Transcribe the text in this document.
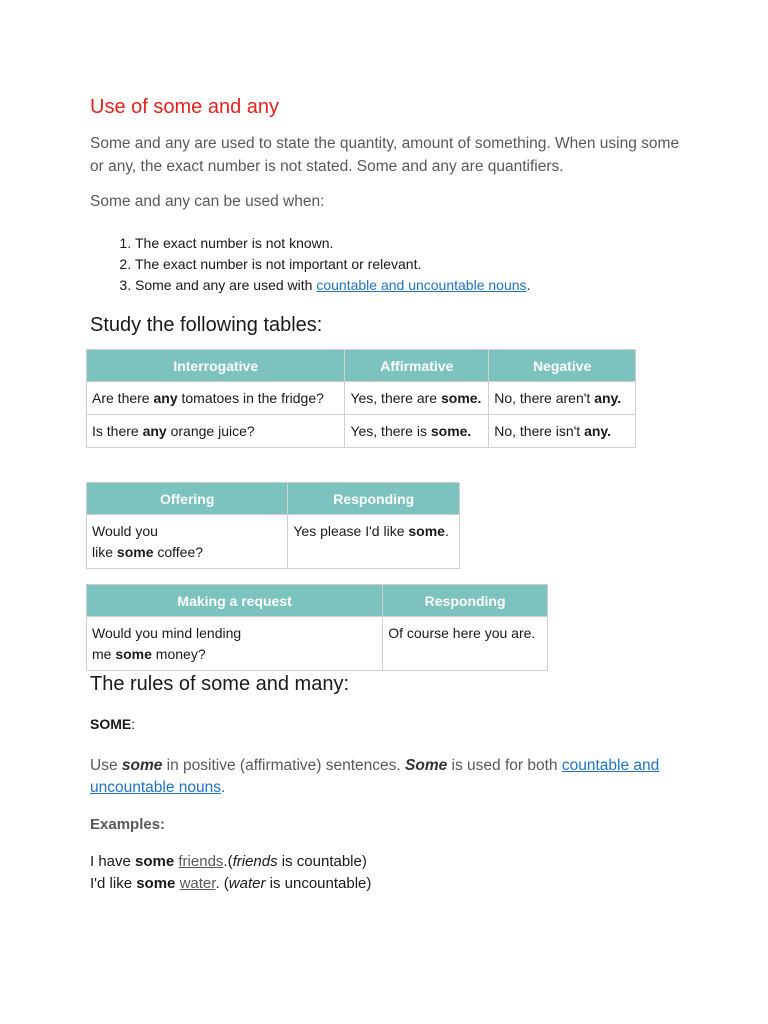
Use of some and any

Some and any are used to state the quantity, amount of something. When using some or any, the exact number is not stated. Some and any are quantifiers.

Some and any can be used when:

1. The exact number is not known.
2. The exact number is not important or relevant.
3. Some and any are used with countable and uncountable nouns.
Study the following tables:
Interrogative	Affirmative	Negative
Are there any tomatoes in the fridge?	Yes, there are some.	No, there aren't any.
Is there any orange juice?	Yes, there is some.	No, there isn't any.
Offering	Responding
Would you
like some coffee?	Yes please I'd like some.
Making a request	Responding
Would you mind lending
me some money?	Of course here you are.
The rules of some and many:

SOME:

Use some in positive (affirmative) sentences. Some is used for both countable and uncountable nouns.

Examples:

I have some friends.(friends is countable)
I'd like some water. (water is uncountable)
